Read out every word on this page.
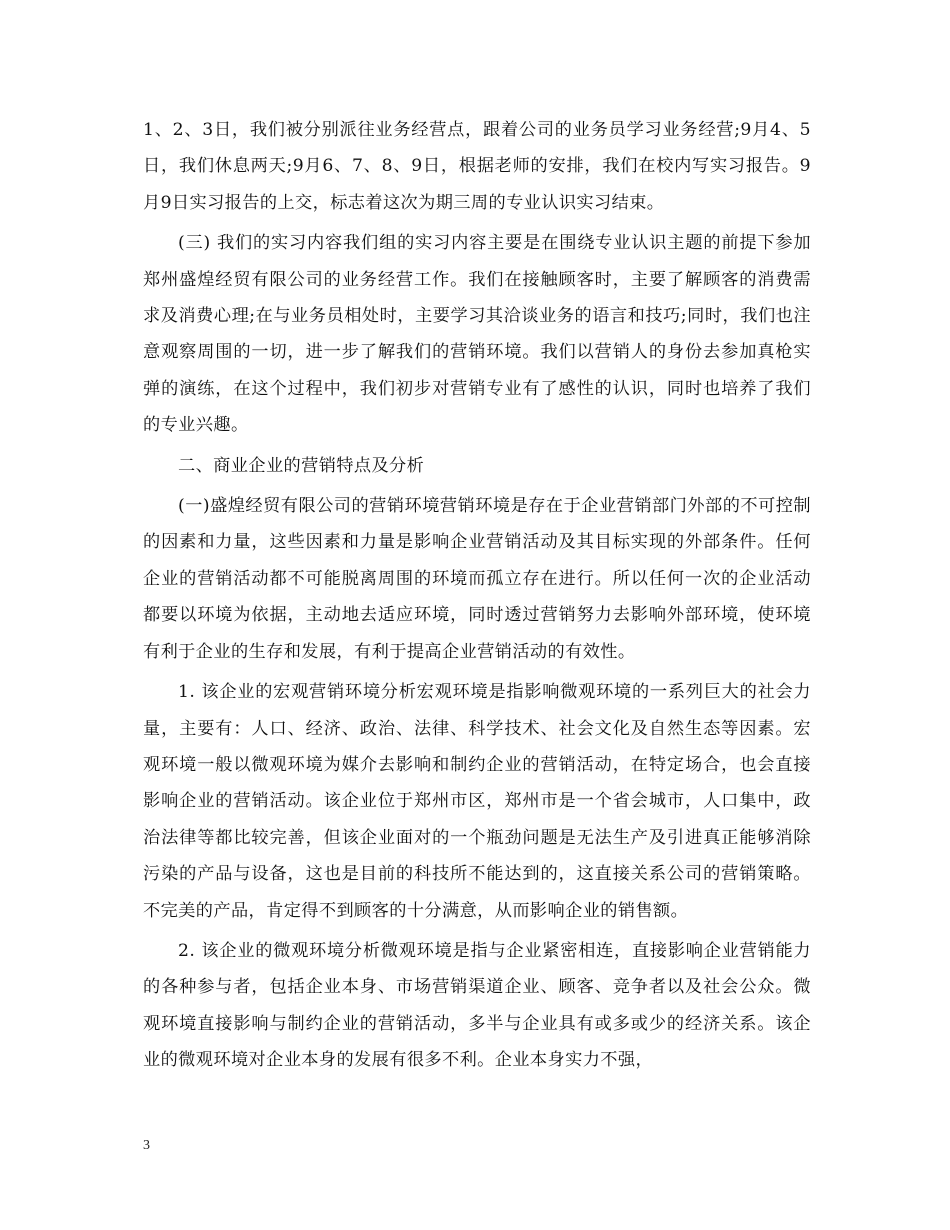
1、2、3日，我们被分别派往业务经营点，跟着公司的业务员学习业务经营;9月4、5日，我们休息两天;9月6、7、8、9日，根据老师的安排，我们在校内写实习报告。9月9日实习报告的上交，标志着这次为期三周的专业认识实习结束。

(三) 我们的实习内容我们组的实习内容主要是在围绕专业认识主题的前提下参加郑州盛煌经贸有限公司的业务经营工作。我们在接触顾客时，主要了解顾客的消费需求及消费心理;在与业务员相处时，主要学习其洽谈业务的语言和技巧;同时，我们也注意观察周围的一切，进一步了解我们的营销环境。我们以营销人的身份去参加真枪实弹的演练，在这个过程中，我们初步对营销专业有了感性的认识，同时也培养了我们的专业兴趣。

二、商业企业的营销特点及分析

(一)盛煌经贸有限公司的营销环境营销环境是存在于企业营销部门外部的不可控制的因素和力量，这些因素和力量是影响企业营销活动及其目标实现的外部条件。任何企业的营销活动都不可能脱离周围的环境而孤立存在进行。所以任何一次的企业活动都要以环境为依据，主动地去适应环境，同时透过营销努力去影响外部环境，使环境有利于企业的生存和发展，有利于提高企业营销活动的有效性。

1. 该企业的宏观营销环境分析宏观环境是指影响微观环境的一系列巨大的社会力量，主要有：人口、经济、政治、法律、科学技术、社会文化及自然生态等因素。宏观环境一般以微观环境为媒介去影响和制约企业的营销活动，在特定场合，也会直接影响企业的营销活动。该企业位于郑州市区，郑州市是一个省会城市，人口集中，政治法律等都比较完善，但该企业面对的一个瓶劲问题是无法生产及引进真正能够消除污染的产品与设备，这也是目前的科技所不能达到的，这直接关系公司的营销策略。不完美的产品，肯定得不到顾客的十分满意，从而影响企业的销售额。

2. 该企业的微观环境分析微观环境是指与企业紧密相连，直接影响企业营销能力的各种参与者，包括企业本身、市场营销渠道企业、顾客、竞争者以及社会公众。微观环境直接影响与制约企业的营销活动，多半与企业具有或多或少的经济关系。该企业的微观环境对企业本身的发展有很多不利。企业本身实力不强，

3
